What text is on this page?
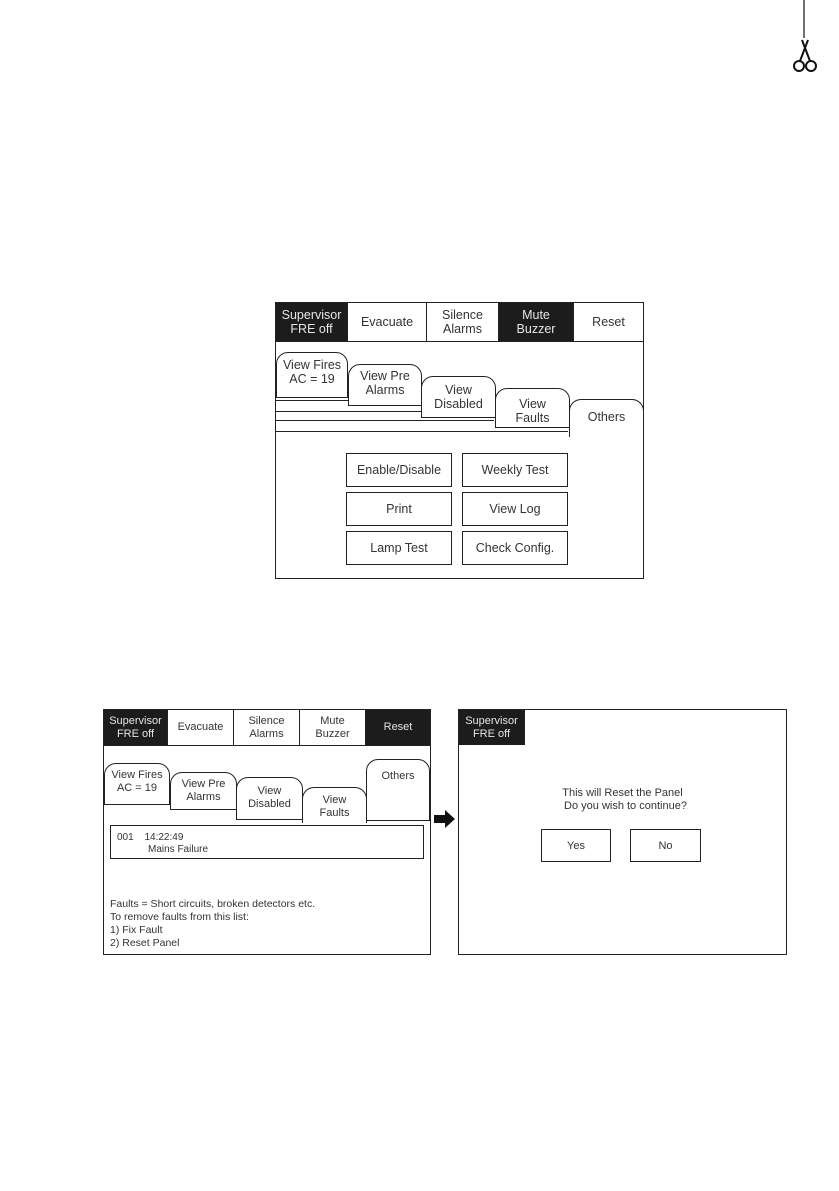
Supervisor
FRE off
Evacuate
Silence
Alarms
Mute
Buzzer
Reset
Others
View
Faults
View
Disabled
View Pre
Alarms
View Fires
AC = 19
Enable/Disable	Weekly Test
Print	View Log
Lamp Test	Check Config.
Supervisor
FRE off
Evacuate
Silence
Alarms
Mute
Buzzer
Reset
Others
View
Faults
View
Disabled
View Pre
Alarms
View Fires
AC = 19
001 14:22:49
Mains Failure
Faults = Short circuits, broken detectors etc.
To remove faults from this list:
1) Fix Fault
2) Reset Panel
Supervisor
FRE off
This will Reset the Panel
Do you wish to continue?
Yes	No
